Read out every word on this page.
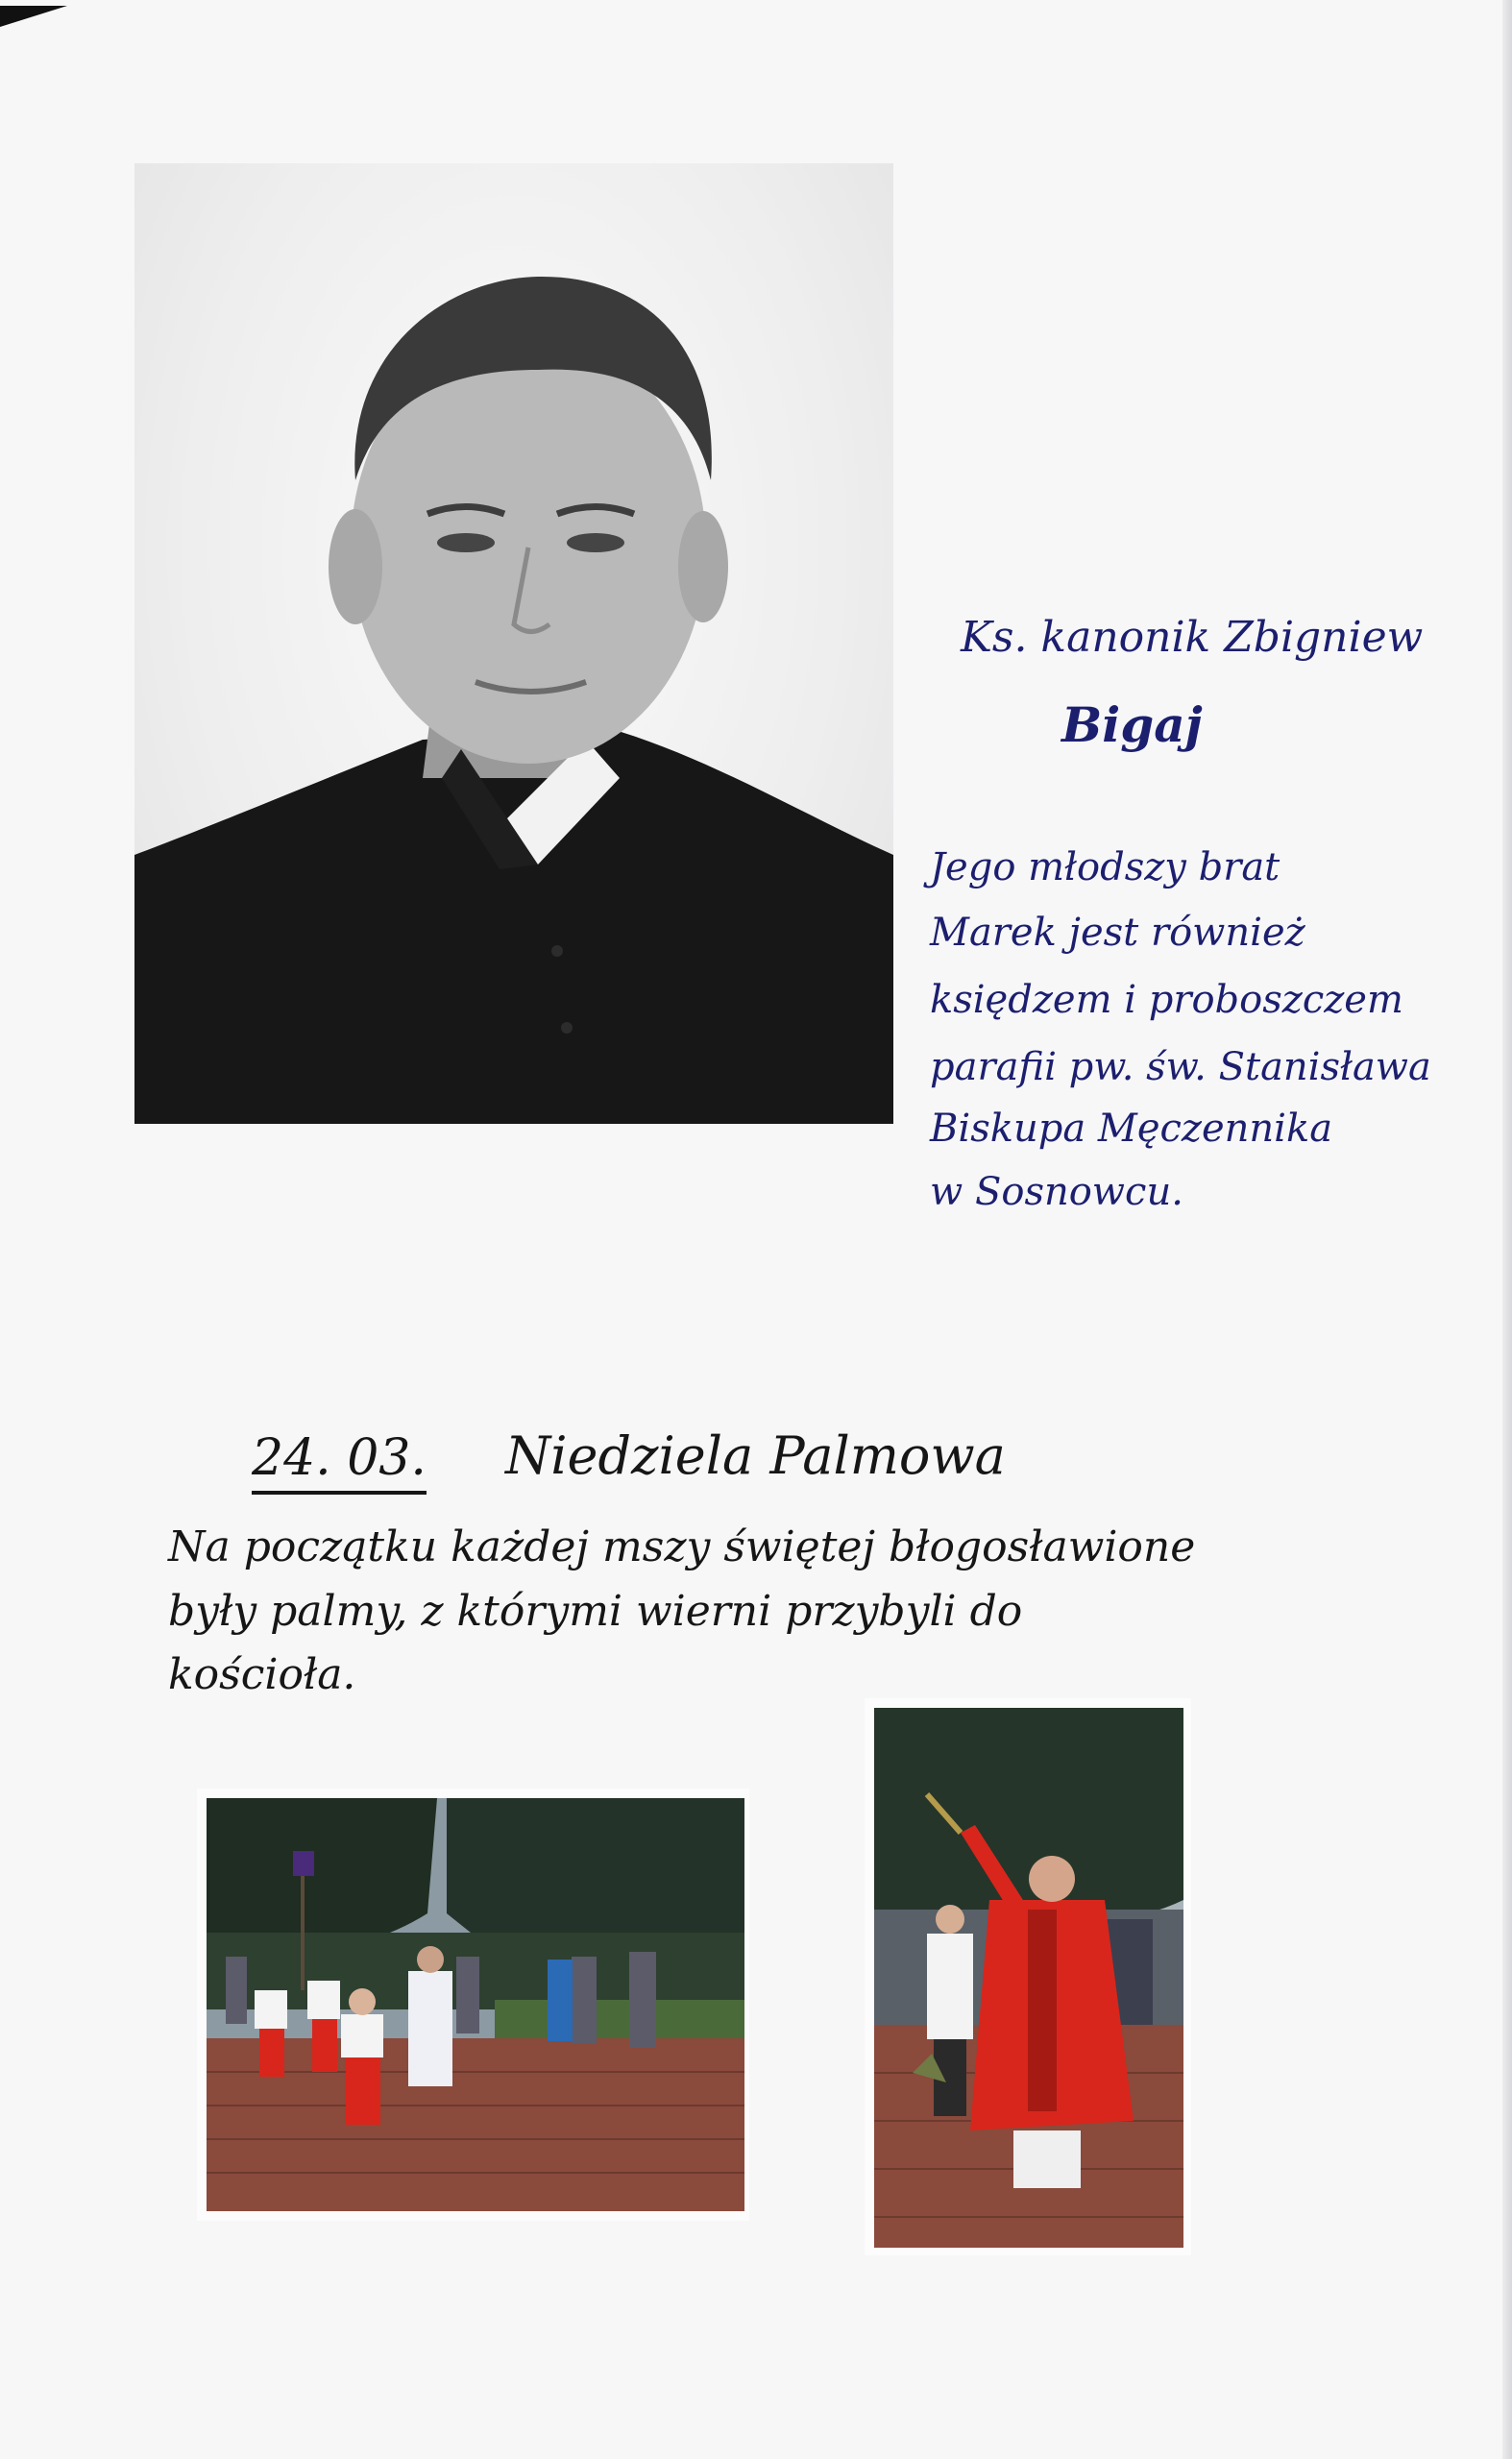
Ks. kanonik Zbigniew
Bigaj
Jego młodszy brat
Marek jest również
księdzem i proboszczem
parafii pw. św. Stanisława
Biskupa Męczennika
w Sosnowcu.
24. 03. Niedziela Palmowa
Na początku każdej mszy świętej błogosławione
były palmy, z którymi wierni przybyli do
kościoła.
